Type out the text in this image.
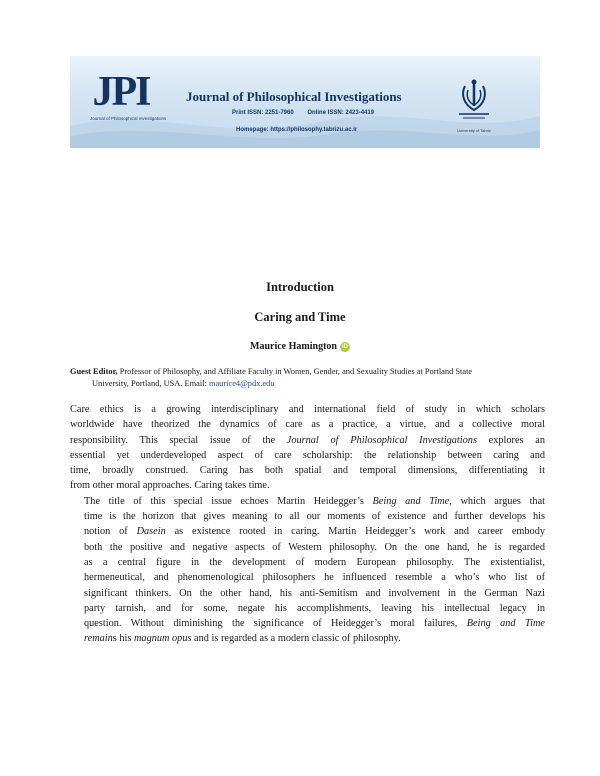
JPI
Journal of Philosophical Investigations
Journal of Philosophical Investigations
Print ISSN: 2251-7960 Online ISSN: 2423-4419
Homepage: https://philosophy.tabrizu.ac.ir	University of Tabriz
Introduction
Caring and Time
Maurice Hamington iD
Guest Editor, Professor of Philosophy, and Affiliate Faculty in Women, Gender, and Sexuality Studies at Portland State
University, Portland, USA. Email: maurice4@pdx.edu

Care ethics is a growing interdisciplinary and international field of study in which scholars
worldwide have theorized the dynamics of care as a practice, a virtue, and a collective moral
responsibility. This special issue of the Journal of Philosophical Investigations explores an
essential yet underdeveloped aspect of care scholarship: the relationship between caring and
time, broadly construed. Caring has both spatial and temporal dimensions, differentiating it
from other moral approaches. Caring takes time.

The title of this special issue echoes Martin Heidegger’s Being and Time, which argues that
time is the horizon that gives meaning to all our moments of existence and further develops his
notion of Dasein as existence rooted in caring. Martin Heidegger’s work and career embody
both the positive and negative aspects of Western philosophy. On the one hand, he is regarded
as a central figure in the development of modern European philosophy. The existentialist,
hermeneutical, and phenomenological philosophers he influenced resemble a who’s who list of
significant thinkers. On the other hand, his anti-Semitism and involvement in the German Nazi
party tarnish, and for some, negate his accomplishments, leaving his intellectual legacy in
question. Without diminishing the significance of Heidegger’s moral failures, Being and Time
remains his magnum opus and is regarded as a modern classic of philosophy.
